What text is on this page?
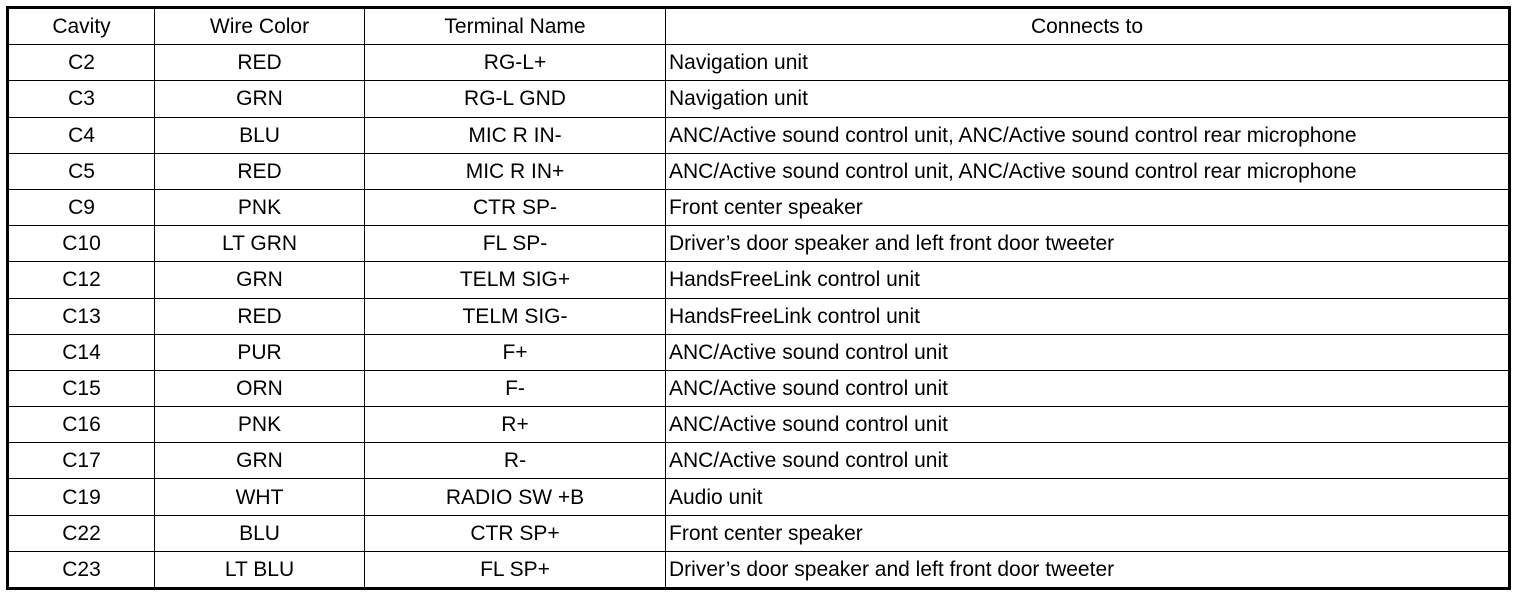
Cavity	Wire Color	Terminal Name	Connects to
C2	RED	RG-L+	Navigation unit
C3	GRN	RG-L GND	Navigation unit
C4	BLU	MIC R IN-	ANC/Active sound control unit, ANC/Active sound control rear microphone
C5	RED	MIC R IN+	ANC/Active sound control unit, ANC/Active sound control rear microphone
C9	PNK	CTR SP-	Front center speaker
C10	LT GRN	FL SP-	Driver’s door speaker and left front door tweeter
C12	GRN	TELM SIG+	HandsFreeLink control unit
C13	RED	TELM SIG-	HandsFreeLink control unit
C14	PUR	F+	ANC/Active sound control unit
C15	ORN	F-	ANC/Active sound control unit
C16	PNK	R+	ANC/Active sound control unit
C17	GRN	R-	ANC/Active sound control unit
C19	WHT	RADIO SW +B	Audio unit
C22	BLU	CTR SP+	Front center speaker
C23	LT BLU	FL SP+	Driver’s door speaker and left front door tweeter
